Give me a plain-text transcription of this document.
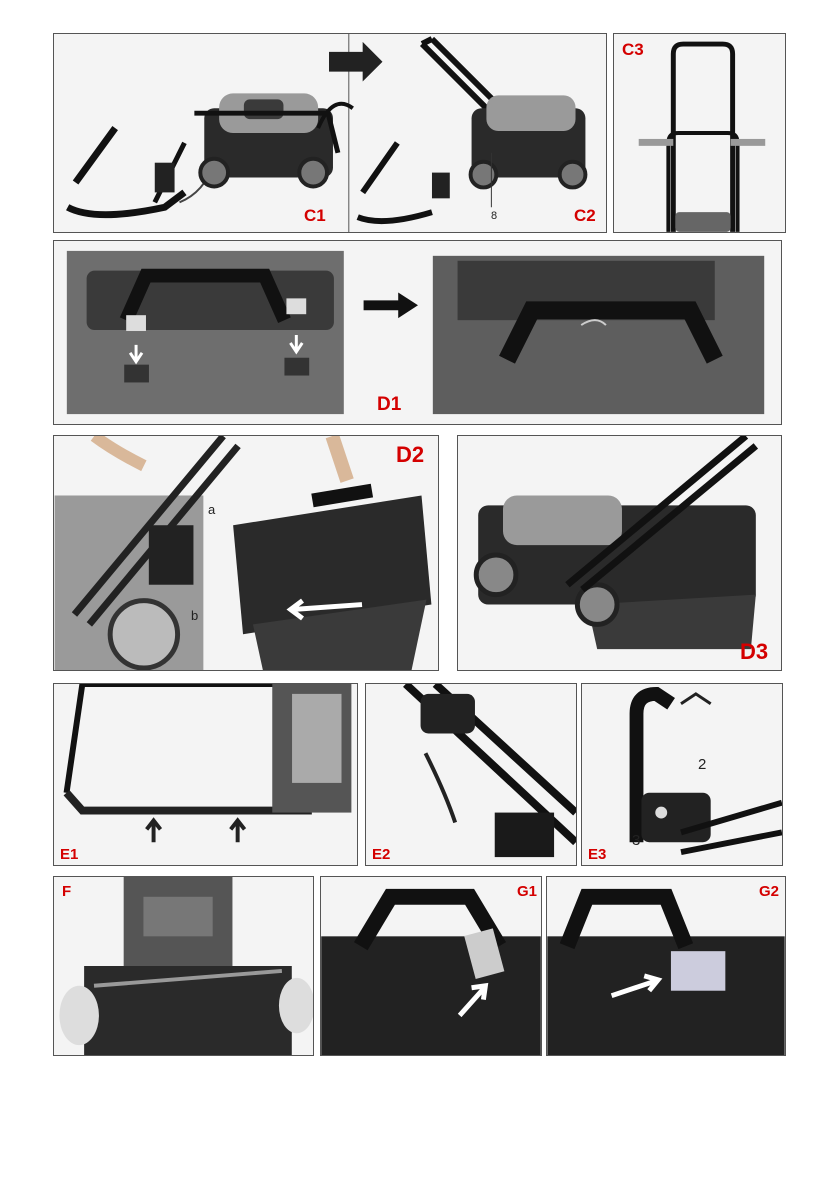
C1	C2
8
C3
D1
D2
a
b
D3
E1	E2	E3
2
3
F	G1	G2
